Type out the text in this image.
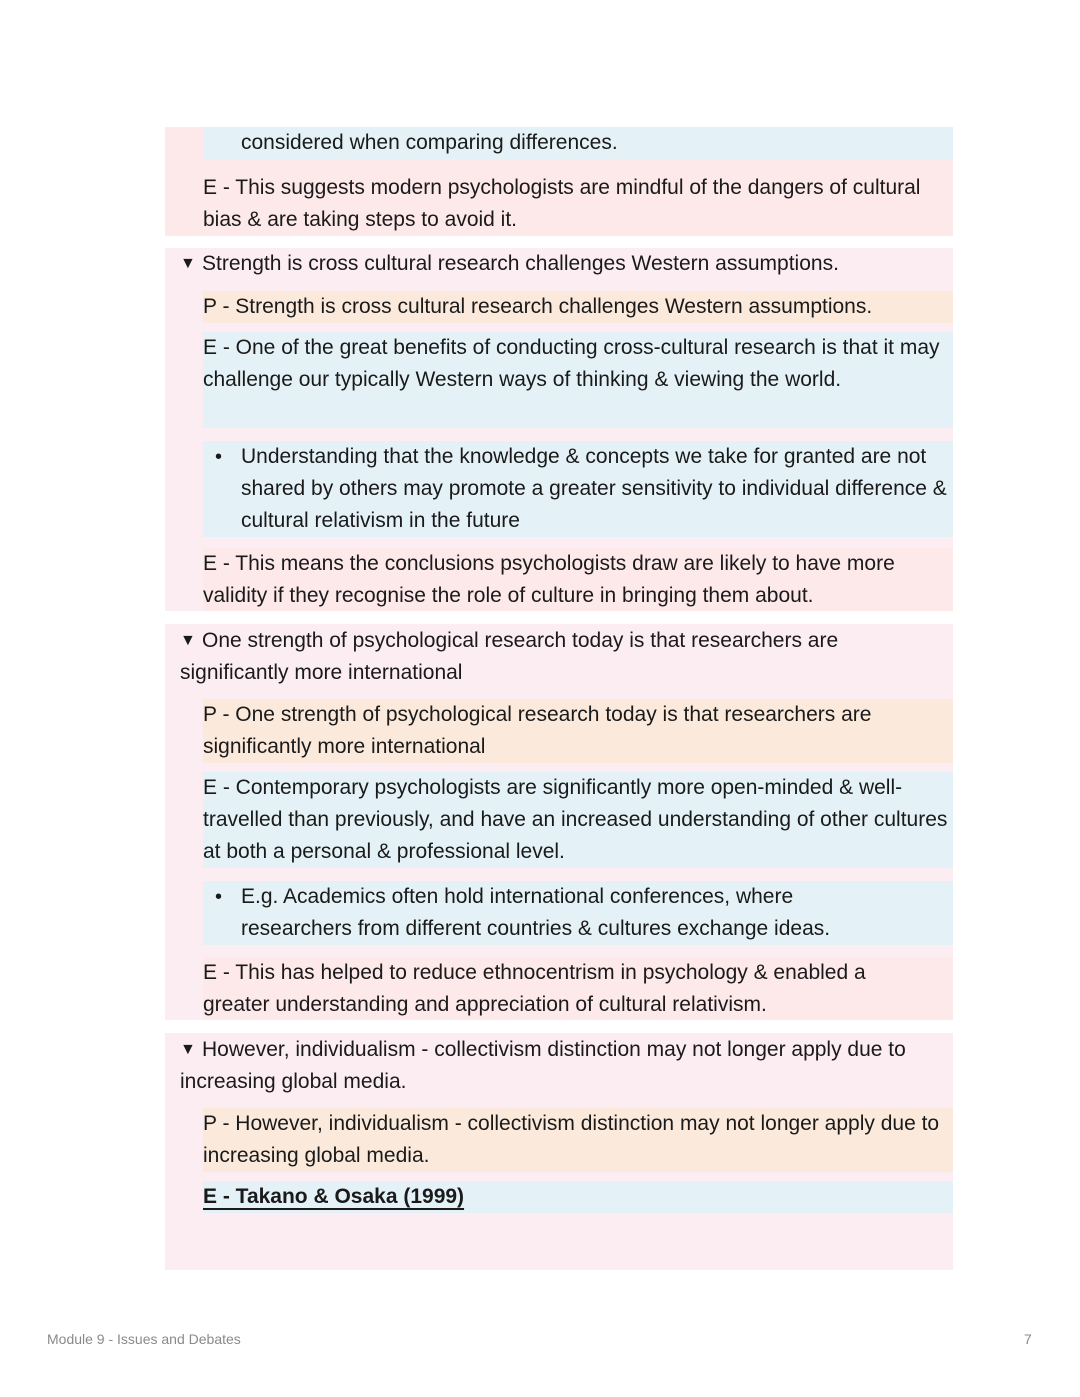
considered when comparing differences.
E - This suggests modern psychologists are mindful of the dangers of cultural bias & are taking steps to avoid it.
▼ Strength is cross cultural research challenges Western assumptions.
P - Strength is cross cultural research challenges Western assumptions.
E - One of the great benefits of conducting cross-cultural research is that it may challenge our typically Western ways of thinking & viewing the world.
• Understanding that the knowledge & concepts we take for granted are not shared by others may promote a greater sensitivity to individual difference & cultural relativism in the future
E - This means the conclusions psychologists draw are likely to have more validity if they recognise the role of culture in bringing them about.
▼ One strength of psychological research today is that researchers are significantly more international
P - One strength of psychological research today is that researchers are significantly more international
E - Contemporary psychologists are significantly more open-minded & well-travelled than previously, and have an increased understanding of other cultures at both a personal & professional level.
• E.g. Academics often hold international conferences, where researchers from different countries & cultures exchange ideas.
E - This has helped to reduce ethnocentrism in psychology & enabled a greater understanding and appreciation of cultural relativism.
▼ However, individualism - collectivism distinction may not longer apply due to increasing global media.
P - However, individualism - collectivism distinction may not longer apply due to increasing global media.
E - Takano & Osaka (1999)
Module 9 - Issues and Debates	7
